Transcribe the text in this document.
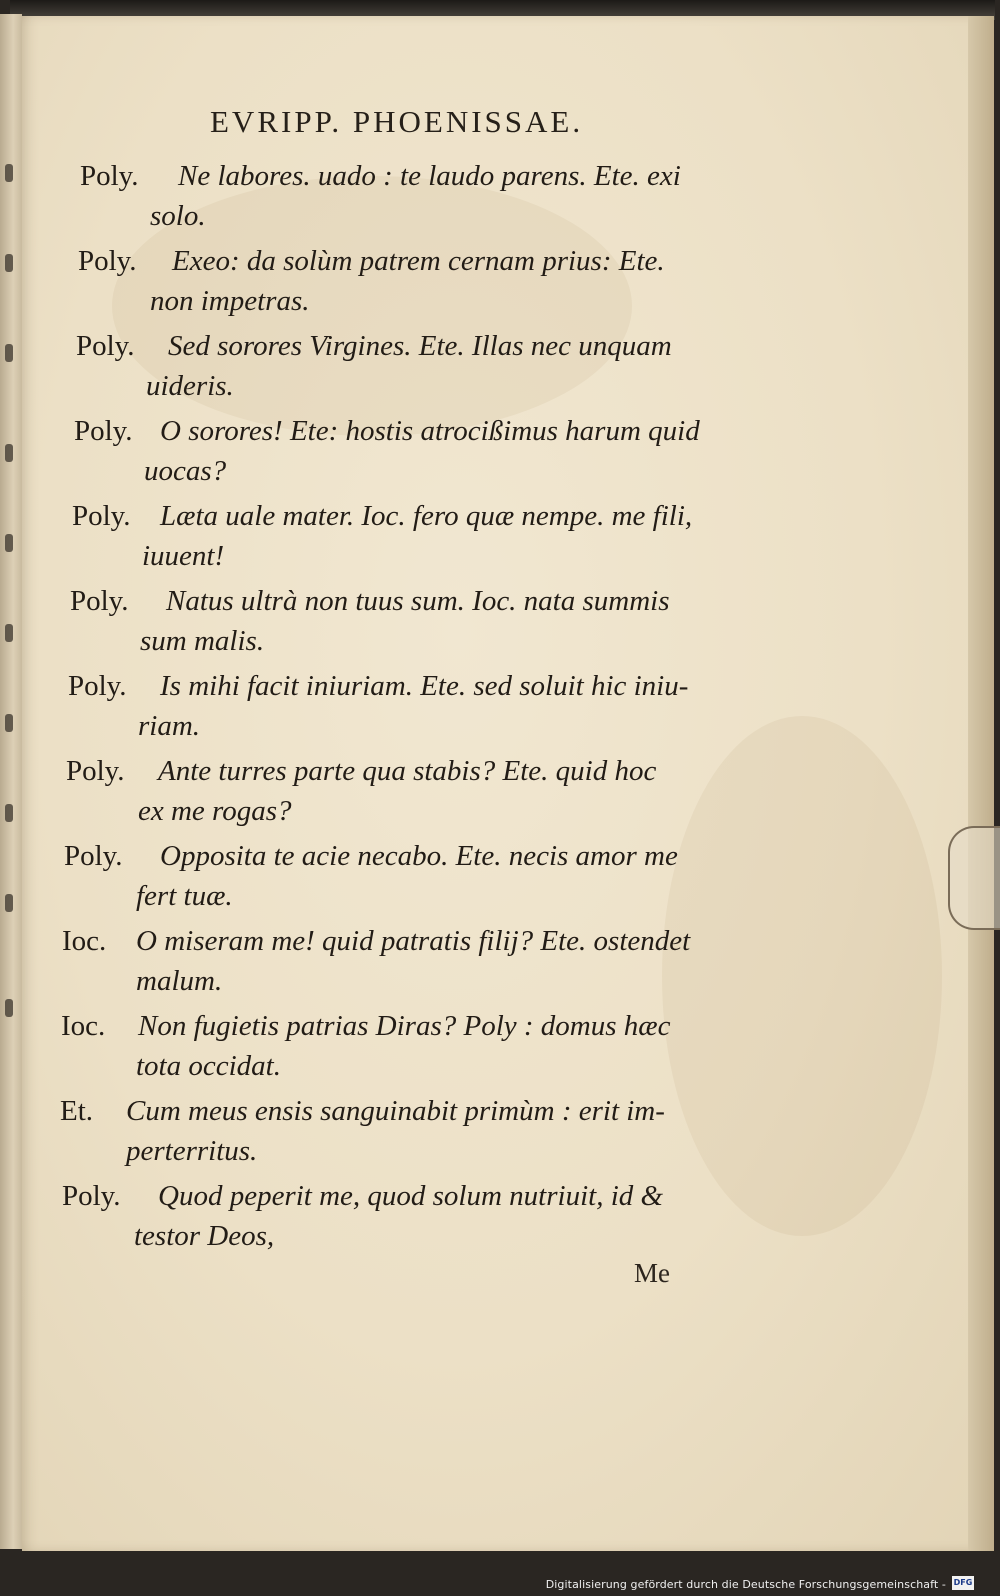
EVRIPP. PHOENISSAE.
Poly. Ne labores. uado : te laudo parens. Ete. exi
solo.
Poly. Exeo: da solùm patrem cernam prius: Ete.
non impetras.
Poly. Sed sorores Virgines. Ete. Illas nec unquam
uideris.
Poly. O sorores! Ete: hostis atrocißimus harum quid
uocas?
Poly. Læta uale mater. Ioc. fero quæ nempe. me fili,
iuuent!
Poly. Natus ultrà non tuus sum. Ioc. nata summis
sum malis.
Poly. Is mihi facit iniuriam. Ete. sed soluit hic iniu-
riam.
Poly. Ante turres parte qua stabis? Ete. quid hoc
ex me rogas?
Poly. Opposita te acie necabo. Ete. necis amor me
fert tuæ.
Ioc. O miseram me! quid patratis filij? Ete. ostendet
malum.
Ioc. Non fugietis patrias Diras? Poly : domus hæc
tota occidat.
Et. Cum meus ensis sanguinabit primùm : erit im-
perterritus.
Poly. Quod peperit me, quod solum nutriuit, id &
testor Deos,
Me
Digitalisierung gefördert durch die Deutsche Forschungsgemeinschaft - DFG
